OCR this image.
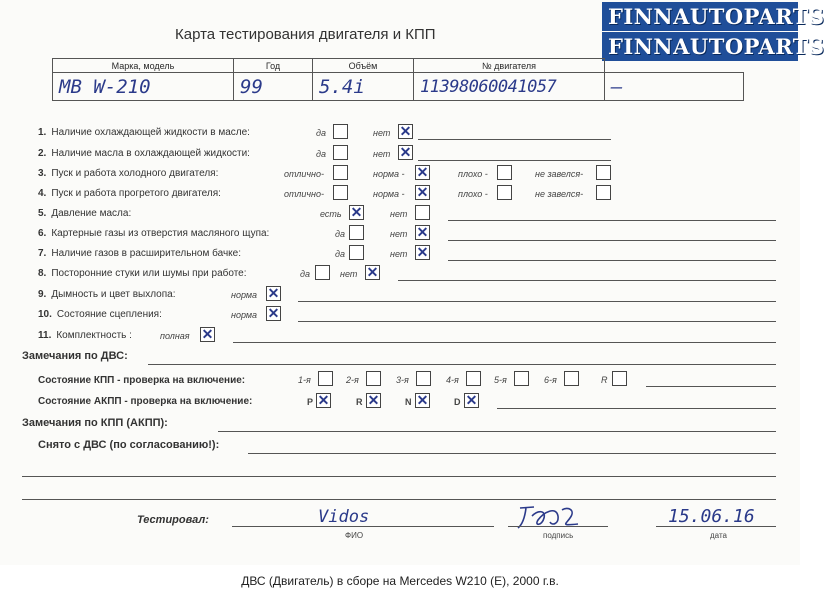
Карта тестирования двигателя и КПП
FINNAUTOPARTS
FINNAUTOPARTS
Марка, модель	Год	Объём	№ двигателя	
МВ W-210	99	5.4i	11398060041057	—
1. Наличие охлаждающей жидкости в масле:	да	нет ✕
2. Наличие масла в охлаждающей жидкости:	да	нет ✕
3. Пуск и работа холодного двигателя:	отлично-	норма - ✕	плохо -	не завелся-
4. Пуск и работа прогретого двигателя:	отлично-	норма - ✕	плохо -	не завелся-
5. Давление масла:	есть ✕	нет
6. Картерные газы из отверстия масляного щупа:	да	нет ✕
7. Наличие газов в расширительном бачке:	да	нет ✕
8. Посторонние стуки или шумы при работе:	да	нет ✕
9. Дымность и цвет выхлопа:	норма ✕
10. Состояние сцепления:	норма ✕
11. Комплектность :	полная ✕
Замечания по ДВС:
Состояние КПП - проверка на включение:	1-я	2-я	3-я	4-я	5-я	6-я	R
Состояние АКПП - проверка на включение:	P ✕	R ✕	N ✕	D ✕
Замечания по КПП (АКПП):
Снято с ДВС (по согласованию!):
Тестировал:	Vidos
ФИО	подпись
15.06.16
дата
ДВС (Двигатель) в сборе на Mercedes W210 (E), 2000 г.в.
